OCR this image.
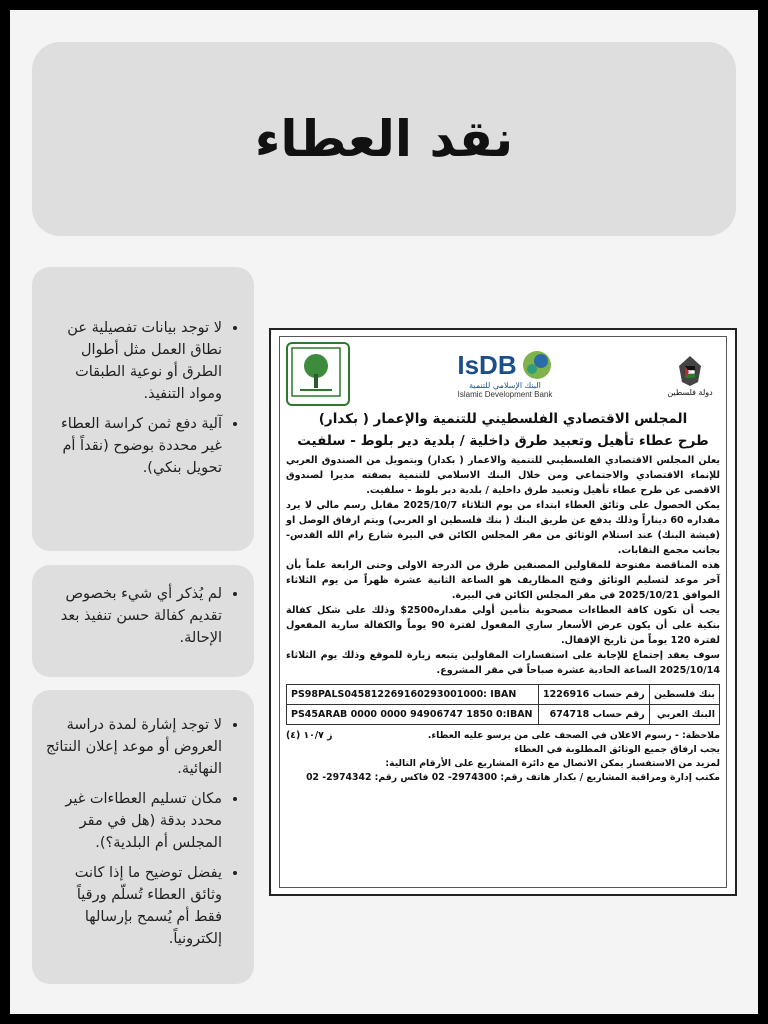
نقد العطاء
• لا توجد بيانات تفصيلية عن نطاق العمل مثل أطوال الطرق أو نوعية الطبقات ومواد التنفيذ.
• آلية دفع ثمن كراسة العطاء غير محددة بوضوح (نقداً أم تحويل بنكي).
• لم يُذكر أي شيء بخصوص تقديم كفالة حسن تنفيذ بعد الإحالة.
• لا توجد إشارة لمدة دراسة العروض أو موعد إعلان النتائج النهائية.
• مكان تسليم العطاءات غير محدد بدقة (هل في مقر المجلس أم البلدية؟).
• يفضل توضيح ما إذا كانت وثائق العطاء تُسلّم ورقياً فقط أم يُسمح بإرسالها إلكترونياً.
IsDB
البنك الإسلامي للتنمية
Islamic Development Bank	دولة فلسطين
المجلس الاقتصادي الفلسطيني للتنمية والإعمار ( بكدار)
طرح عطاء تأهيل وتعبيد طرق داخلية / بلدية دير بلوط - سلفيت

يعلن المجلس الاقتصادي الفلسطيني للتنمية والاعمار ( بكدار) وبتمويل من الصندوق العربي للإنماء الاقتصادي والاجتماعي ومن خلال البنك الاسلامي للتنمية بصفته مديرا لصندوق الاقصى عن طرح عطاء تأهيل وتعبيد طرق داخلية / بلدية دير بلوط - سلفيت.

يمكن الحصول على وثائق العطاء ابتداء من يوم الثلاثاء 2025/10/7 مقابل رسم مالي لا يرد مقداره 60 ديناراً وذلك يدفع عن طريق البنك ( بنك فلسطين او العربي) ويتم ارفاق الوصل او (فيشة البنك) عند استلام الوثائق من مقر المجلس الكائن في البيرة شارع رام الله القدس- بجانب مجمع النقابات.

هذه المناقصة مفتوحة للمقاولين المصنفين طرق من الدرجة الاولى وحتى الرابعة علماً بأن آخر موعد لتسليم الوثائق وفتح المظاريف هو الساعة الثانية عشرة ظهراً من يوم الثلاثاء الموافق 2025/10/21 في مقر المجلس الكائن في البيرة.

يجب أن تكون كافة العطاءات مصحوبة بتأمين أولي مقداره2500$ وذلك على شكل كفالة بنكية على أن يكون عرض الأسعار ساري المفعول لفترة 90 يوماً والكفالة سارية المفعول لفترة 120 يوماً من تاريخ الإقفال.

سوف يعقد إجتماع للإجابة على استفسارات المقاولين يتبعه زيارة للموقع وذلك يوم الثلاثاء 2025/10/14 الساعة الحادية عشرة صباحاً في مقر المشروع.

بنك فلسطين	رقم حساب 1226916	PS98PALS045812269160293001000: IBAN
البنك العربي	رقم حساب 674718	PS45ARAB 0000 0000 94906747 1850 0:IBAN
ملاحظة: - رسوم الاعلان في الصحف على من يرسو عليه العطاء.
ز ١٠/٧ (٤)
يجب ارفاق جميع الوثائق المطلوبة في العطاء
لمزيد من الاستفسار يمكن الاتصال مع دائرة المشاريع على الأرقام التالية:
مكتب إدارة ومراقبة المشاريع / بكدار هاتف رقم: 2974300- 02 فاكس رقم: 2974342- 02
